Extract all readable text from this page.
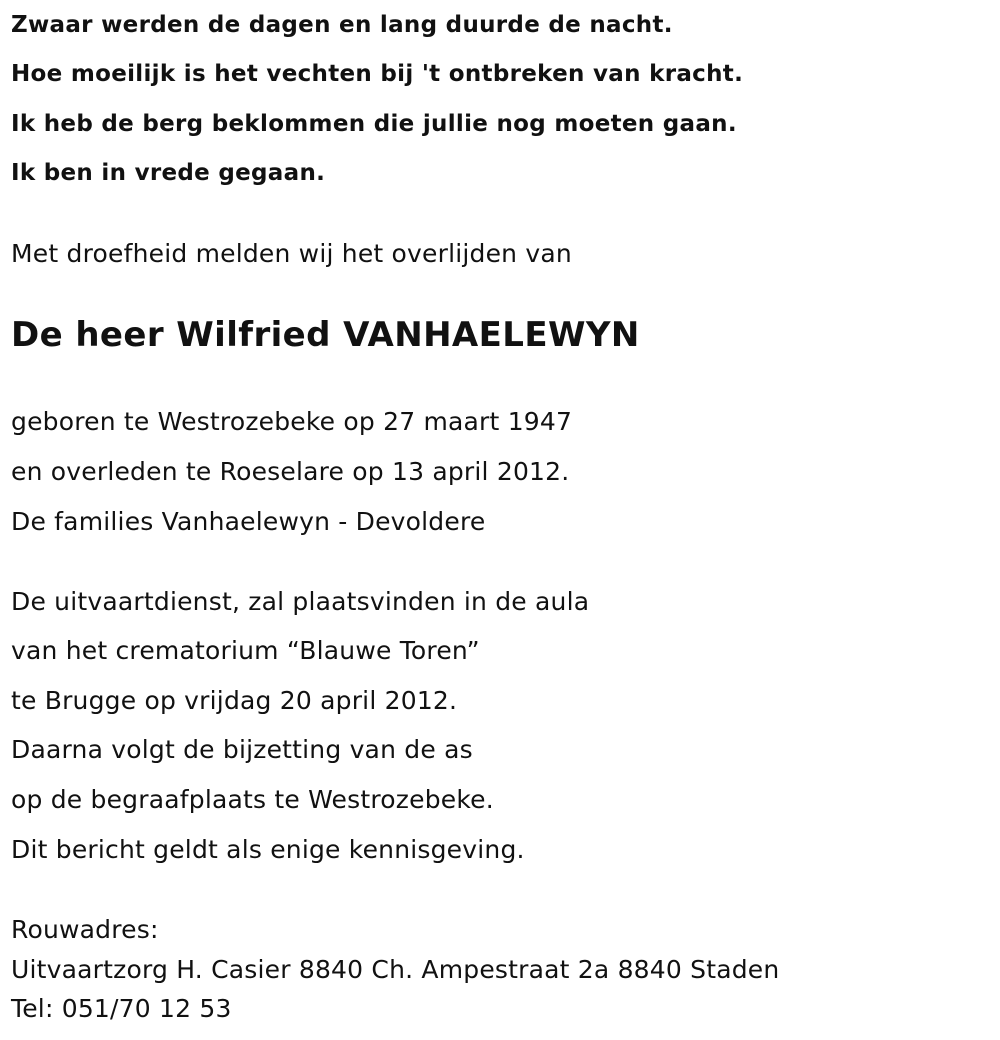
Zwaar werden de dagen en lang duurde de nacht.
Hoe moeilijk is het vechten bij 't ontbreken van kracht.
Ik heb de berg beklommen die jullie nog moeten gaan.
Ik ben in vrede gegaan.
Met droefheid melden wij het overlijden van
De heer Wilfried VANHAELEWYN
geboren te Westrozebeke op 27 maart 1947
en overleden te Roeselare op 13 april 2012.
De families Vanhaelewyn - Devoldere
De uitvaartdienst, zal plaatsvinden in de aula
van het crematorium “Blauwe Toren”
te Brugge op vrijdag 20 april 2012.
Daarna volgt de bijzetting van de as
op de begraafplaats te Westrozebeke.
Dit bericht geldt als enige kennisgeving.
Rouwadres:
Uitvaartzorg H. Casier 8840 Ch. Ampestraat 2a 8840 Staden
Tel: 051/70 12 53
